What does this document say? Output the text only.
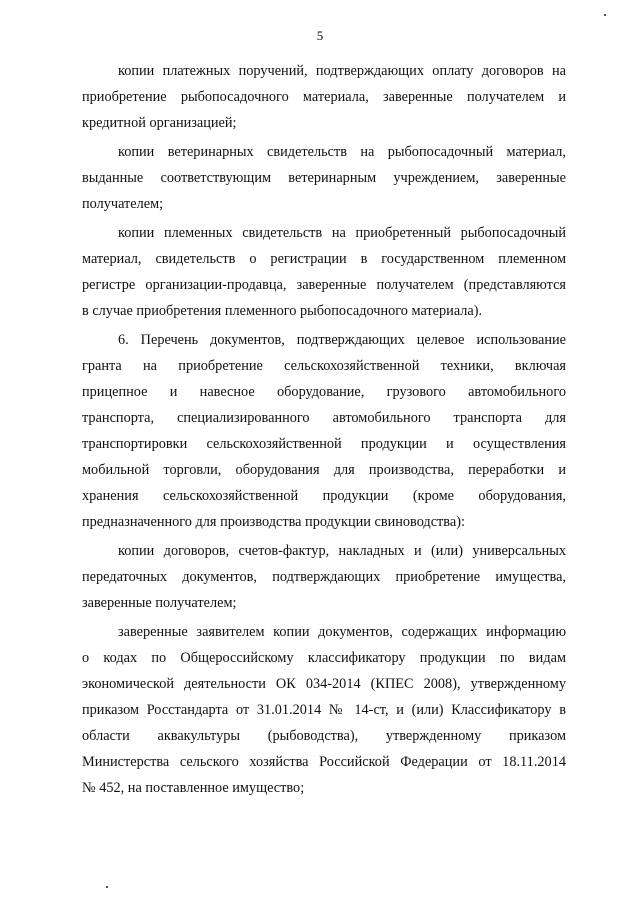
5
копии платежных поручений, подтверждающих оплату договоров на
приобретение рыбопосадочного материала, заверенные получателем и
кредитной организацией;
копии ветеринарных свидетельств на рыбопосадочный материал,
выданные соответствующим ветеринарным учреждением, заверенные
получателем;
копии племенных свидетельств на приобретенный рыбопосадочный
материал, свидетельств о регистрации в государственном племенном
регистре организации-продавца, заверенные получателем (представляются
в случае приобретения племенного рыбопосадочного материала).
6. Перечень документов, подтверждающих целевое использование
гранта на приобретение сельскохозяйственной техники, включая
прицепное и навесное оборудование, грузового автомобильного
транспорта, специализированного автомобильного транспорта для
транспортировки сельскохозяйственной продукции и осуществления
мобильной торговли, оборудования для производства, переработки и
хранения сельскохозяйственной продукции (кроме оборудования,
предназначенного для производства продукции свиноводства):
копии договоров, счетов-фактур, накладных и (или) универсальных
передаточных документов, подтверждающих приобретение имущества,
заверенные получателем;
заверенные заявителем копии документов, содержащих информацию
о кодах по Общероссийскому классификатору продукции по видам
экономической деятельности ОК 034-2014 (КПЕС 2008), утвержденному
приказом Росстандарта от 31.01.2014 № 14-ст, и (или) Классификатору в
области аквакультуры (рыбоводства), утвержденному приказом
Министерства сельского хозяйства Российской Федерации от 18.11.2014
№ 452, на поставленное имущество;
